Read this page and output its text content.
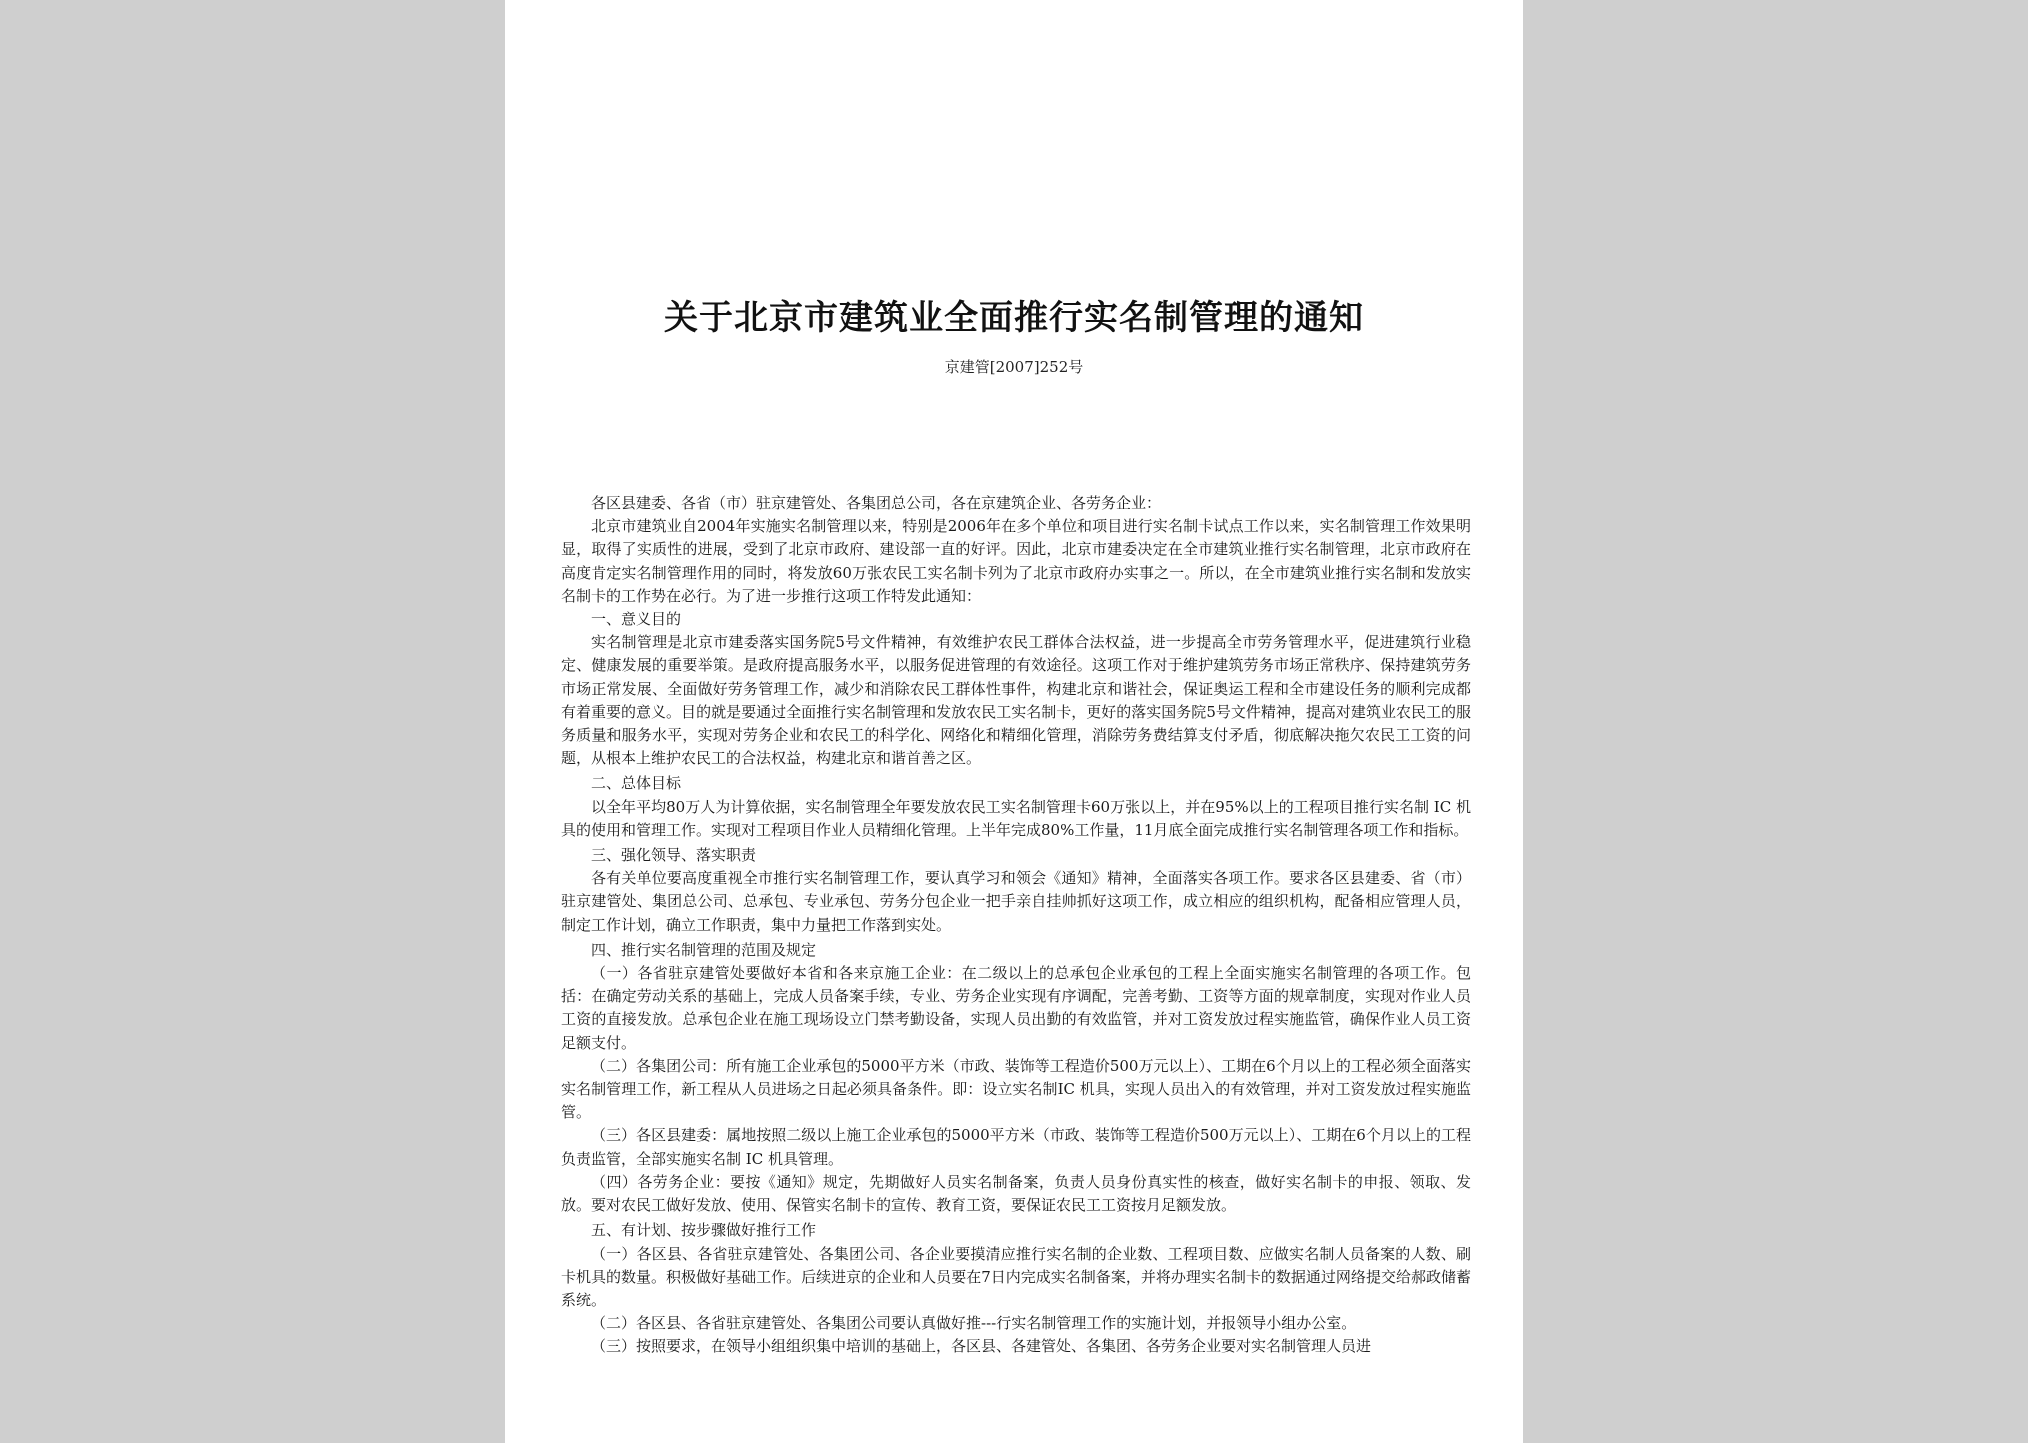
关于北京市建筑业全面推行实名制管理的通知
京建管[2007]252号

各区县建委、各省（市）驻京建管处、各集团总公司，各在京建筑企业、各劳务企业：

北京市建筑业自2004年实施实名制管理以来，特别是2006年在多个单位和项目进行实名制卡试点工作以来，实名制管理工作效果明显，取得了实质性的进展，受到了北京市政府、建设部一直的好评。因此，北京市建委决定在全市建筑业推行实名制管理，北京市政府在高度肯定实名制管理作用的同时，将发放60万张农民工实名制卡列为了北京市政府办实事之一。所以，在全市建筑业推行实名制和发放实名制卡的工作势在必行。为了进一步推行这项工作特发此通知：

一、意义目的

实名制管理是北京市建委落实国务院5号文件精神，有效维护农民工群体合法权益，进一步提高全市劳务管理水平，促进建筑行业稳定、健康发展的重要举策。是政府提高服务水平，以服务促进管理的有效途径。这项工作对于维护建筑劳务市场正常秩序、保持建筑劳务市场正常发展、全面做好劳务管理工作，减少和消除农民工群体性事件，构建北京和谐社会，保证奥运工程和全市建设任务的顺利完成都有着重要的意义。目的就是要通过全面推行实名制管理和发放农民工实名制卡，更好的落实国务院5号文件精神，提高对建筑业农民工的服务质量和服务水平，实现对劳务企业和农民工的科学化、网络化和精细化管理，消除劳务费结算支付矛盾，彻底解决拖欠农民工工资的问题，从根本上维护农民工的合法权益，构建北京和谐首善之区。

二、总体目标

以全年平均80万人为计算依据，实名制管理全年要发放农民工实名制管理卡60万张以上，并在95%以上的工程项目推行实名制 IC 机具的使用和管理工作。实现对工程项目作业人员精细化管理。上半年完成80%工作量，11月底全面完成推行实名制管理各项工作和指标。

三、强化领导、落实职责

各有关单位要高度重视全市推行实名制管理工作，要认真学习和领会《通知》精神，全面落实各项工作。要求各区县建委、省（市）驻京建管处、集团总公司、总承包、专业承包、劳务分包企业一把手亲自挂帅抓好这项工作，成立相应的组织机构，配备相应管理人员，制定工作计划，确立工作职责，集中力量把工作落到实处。

四、推行实名制管理的范围及规定

（一）各省驻京建管处要做好本省和各来京施工企业：在二级以上的总承包企业承包的工程上全面实施实名制管理的各项工作。包括：在确定劳动关系的基础上，完成人员备案手续，专业、劳务企业实现有序调配，完善考勤、工资等方面的规章制度，实现对作业人员工资的直接发放。总承包企业在施工现场设立门禁考勤设备，实现人员出勤的有效监管，并对工资发放过程实施监管，确保作业人员工资足额支付。

（二）各集团公司：所有施工企业承包的5000平方米（市政、装饰等工程造价500万元以上）、工期在6个月以上的工程必须全面落实实名制管理工作，新工程从人员进场之日起必须具备条件。即：设立实名制IC 机具，实现人员出入的有效管理，并对工资发放过程实施监管。

（三）各区县建委：属地按照二级以上施工企业承包的5000平方米（市政、装饰等工程造价500万元以上）、工期在6个月以上的工程负责监管，全部实施实名制 IC 机具管理。

（四）各劳务企业：要按《通知》规定，先期做好人员实名制备案，负责人员身份真实性的核查，做好实名制卡的申报、领取、发放。要对农民工做好发放、使用、保管实名制卡的宣传、教育工资，要保证农民工工资按月足额发放。

五、有计划、按步骤做好推行工作

（一）各区县、各省驻京建管处、各集团公司、各企业要摸清应推行实名制的企业数、工程项目数、应做实名制人员备案的人数、刷卡机具的数量。积极做好基础工作。后续进京的企业和人员要在7日内完成实名制备案，并将办理实名制卡的数据通过网络提交给郝政储蓄系统。

（二）各区县、各省驻京建管处、各集团公司要认真做好推---行实名制管理工作的实施计划，并报领导小组办公室。

（三）按照要求，在领导小组组织集中培训的基础上，各区县、各建管处、各集团、各劳务企业要对实名制管理人员进
